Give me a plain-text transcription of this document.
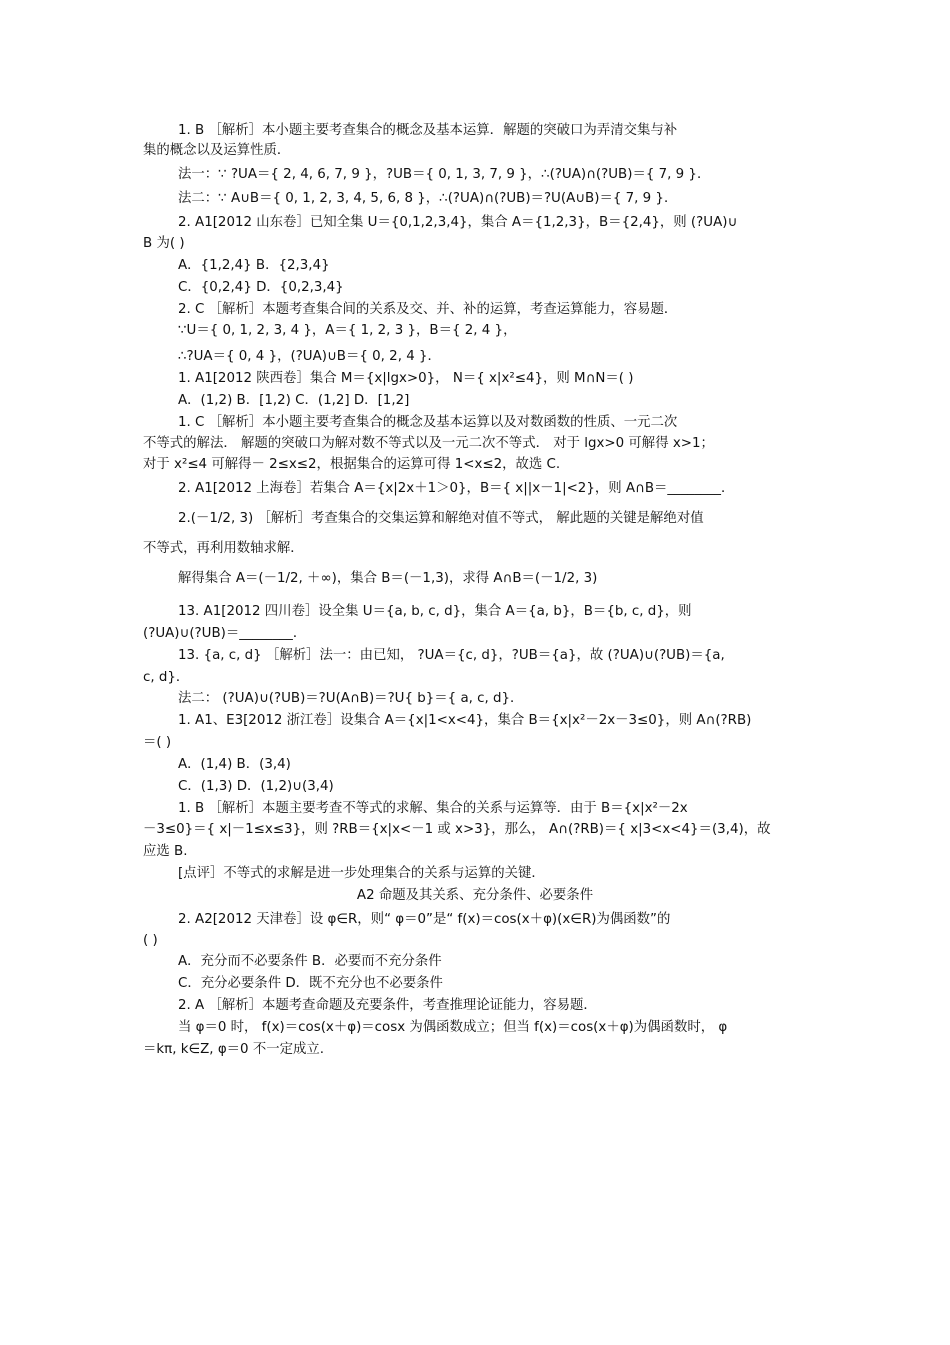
1. B ［解析］本小题主要考查集合的概念及基本运算．解题的突破口为弄清交集与补
集的概念以及运算性质．
法一：∵ ?UA＝{ 2, 4, 6, 7, 9 }，?UB＝{ 0, 1, 3, 7, 9 }，∴(?UA)∩(?UB)＝{ 7, 9 }．
法二：∵ A∪B＝{ 0, 1, 2, 3, 4, 5, 6, 8 }，∴(?UA)∩(?UB)＝?U(A∪B)＝{ 7, 9 }．
2. A1[2012 山东卷］已知全集 U＝{0,1,2,3,4}，集合 A＝{1,2,3}，B＝{2,4}，则 (?UA)∪
B 为( )
A．{1,2,4} B．{2,3,4}
C．{0,2,4} D．{0,2,3,4}
2. C ［解析］本题考查集合间的关系及交、并、补的运算，考查运算能力，容易题．
∵U＝{ 0, 1, 2, 3, 4 }，A＝{ 1, 2, 3 }，B＝{ 2, 4 }，
∴?UA＝{ 0, 4 }，(?UA)∪B＝{ 0, 2, 4 }．
1. A1[2012 陕西卷］集合 M＝{x|lgx>0}， N＝{ x|x²≤4}，则 M∩N＝( )
A．(1,2) B．[1,2) C．(1,2] D．[1,2]
1. C ［解析］本小题主要考查集合的概念及基本运算以及对数函数的性质、一元二次
不等式的解法． 解题的突破口为解对数不等式以及一元二次不等式． 对于 lgx>0 可解得 x>1；
对于 x²≤4 可解得－ 2≤x≤2，根据集合的运算可得 1<x≤2，故选 C.
2. A1[2012 上海卷］若集合 A＝{x|2x＋1＞0}，B＝{ x||x－1|<2}，则 A∩B＝________．
2.(－1/2, 3) ［解析］考查集合的交集运算和解绝对值不等式， 解此题的关键是解绝对值
不等式，再利用数轴求解．
解得集合 A＝(－1/2, ＋∞)，集合 B＝(－1,3)，求得 A∩B＝(－1/2, 3)
13. A1[2012 四川卷］设全集 U＝{a, b, c, d}，集合 A＝{a, b}，B＝{b, c, d}，则
(?UA)∪(?UB)＝________．
13. {a, c, d} ［解析］法一：由已知， ?UA＝{c, d}，?UB＝{a}，故 (?UA)∪(?UB)＝{a,
c, d}．
法二： (?UA)∪(?UB)＝?U(A∩B)＝?U{ b}＝{ a, c, d}．
1. A1、E3[2012 浙江卷］设集合 A＝{x|1<x<4}，集合 B＝{x|x²－2x－3≤0}，则 A∩(?RB)
＝( )
A．(1,4) B．(3,4)
C．(1,3) D．(1,2)∪(3,4)
1. B ［解析］本题主要考查不等式的求解、集合的关系与运算等．由于 B＝{x|x²－2x
－3≤0}＝{ x|－1≤x≤3}，则 ?RB＝{x|x<－1 或 x>3}，那么， A∩(?RB)＝{ x|3<x<4}＝(3,4)，故
应选 B.
[点评］不等式的求解是进一步处理集合的关系与运算的关键．
A2 命题及其关系、充分条件、必要条件
2. A2[2012 天津卷］设 φ∈R，则“ φ＝0”是“ f(x)＝cos(x＋φ)(x∈R)为偶函数”的
( )
A．充分而不必要条件 B．必要而不充分条件
C．充分必要条件 D．既不充分也不必要条件
2. A ［解析］本题考查命题及充要条件，考查推理论证能力，容易题．
当 φ＝0 时， f(x)＝cos(x＋φ)＝cosx 为偶函数成立；但当 f(x)＝cos(x＋φ)为偶函数时， φ
＝kπ, k∈Z, φ＝0 不一定成立.
